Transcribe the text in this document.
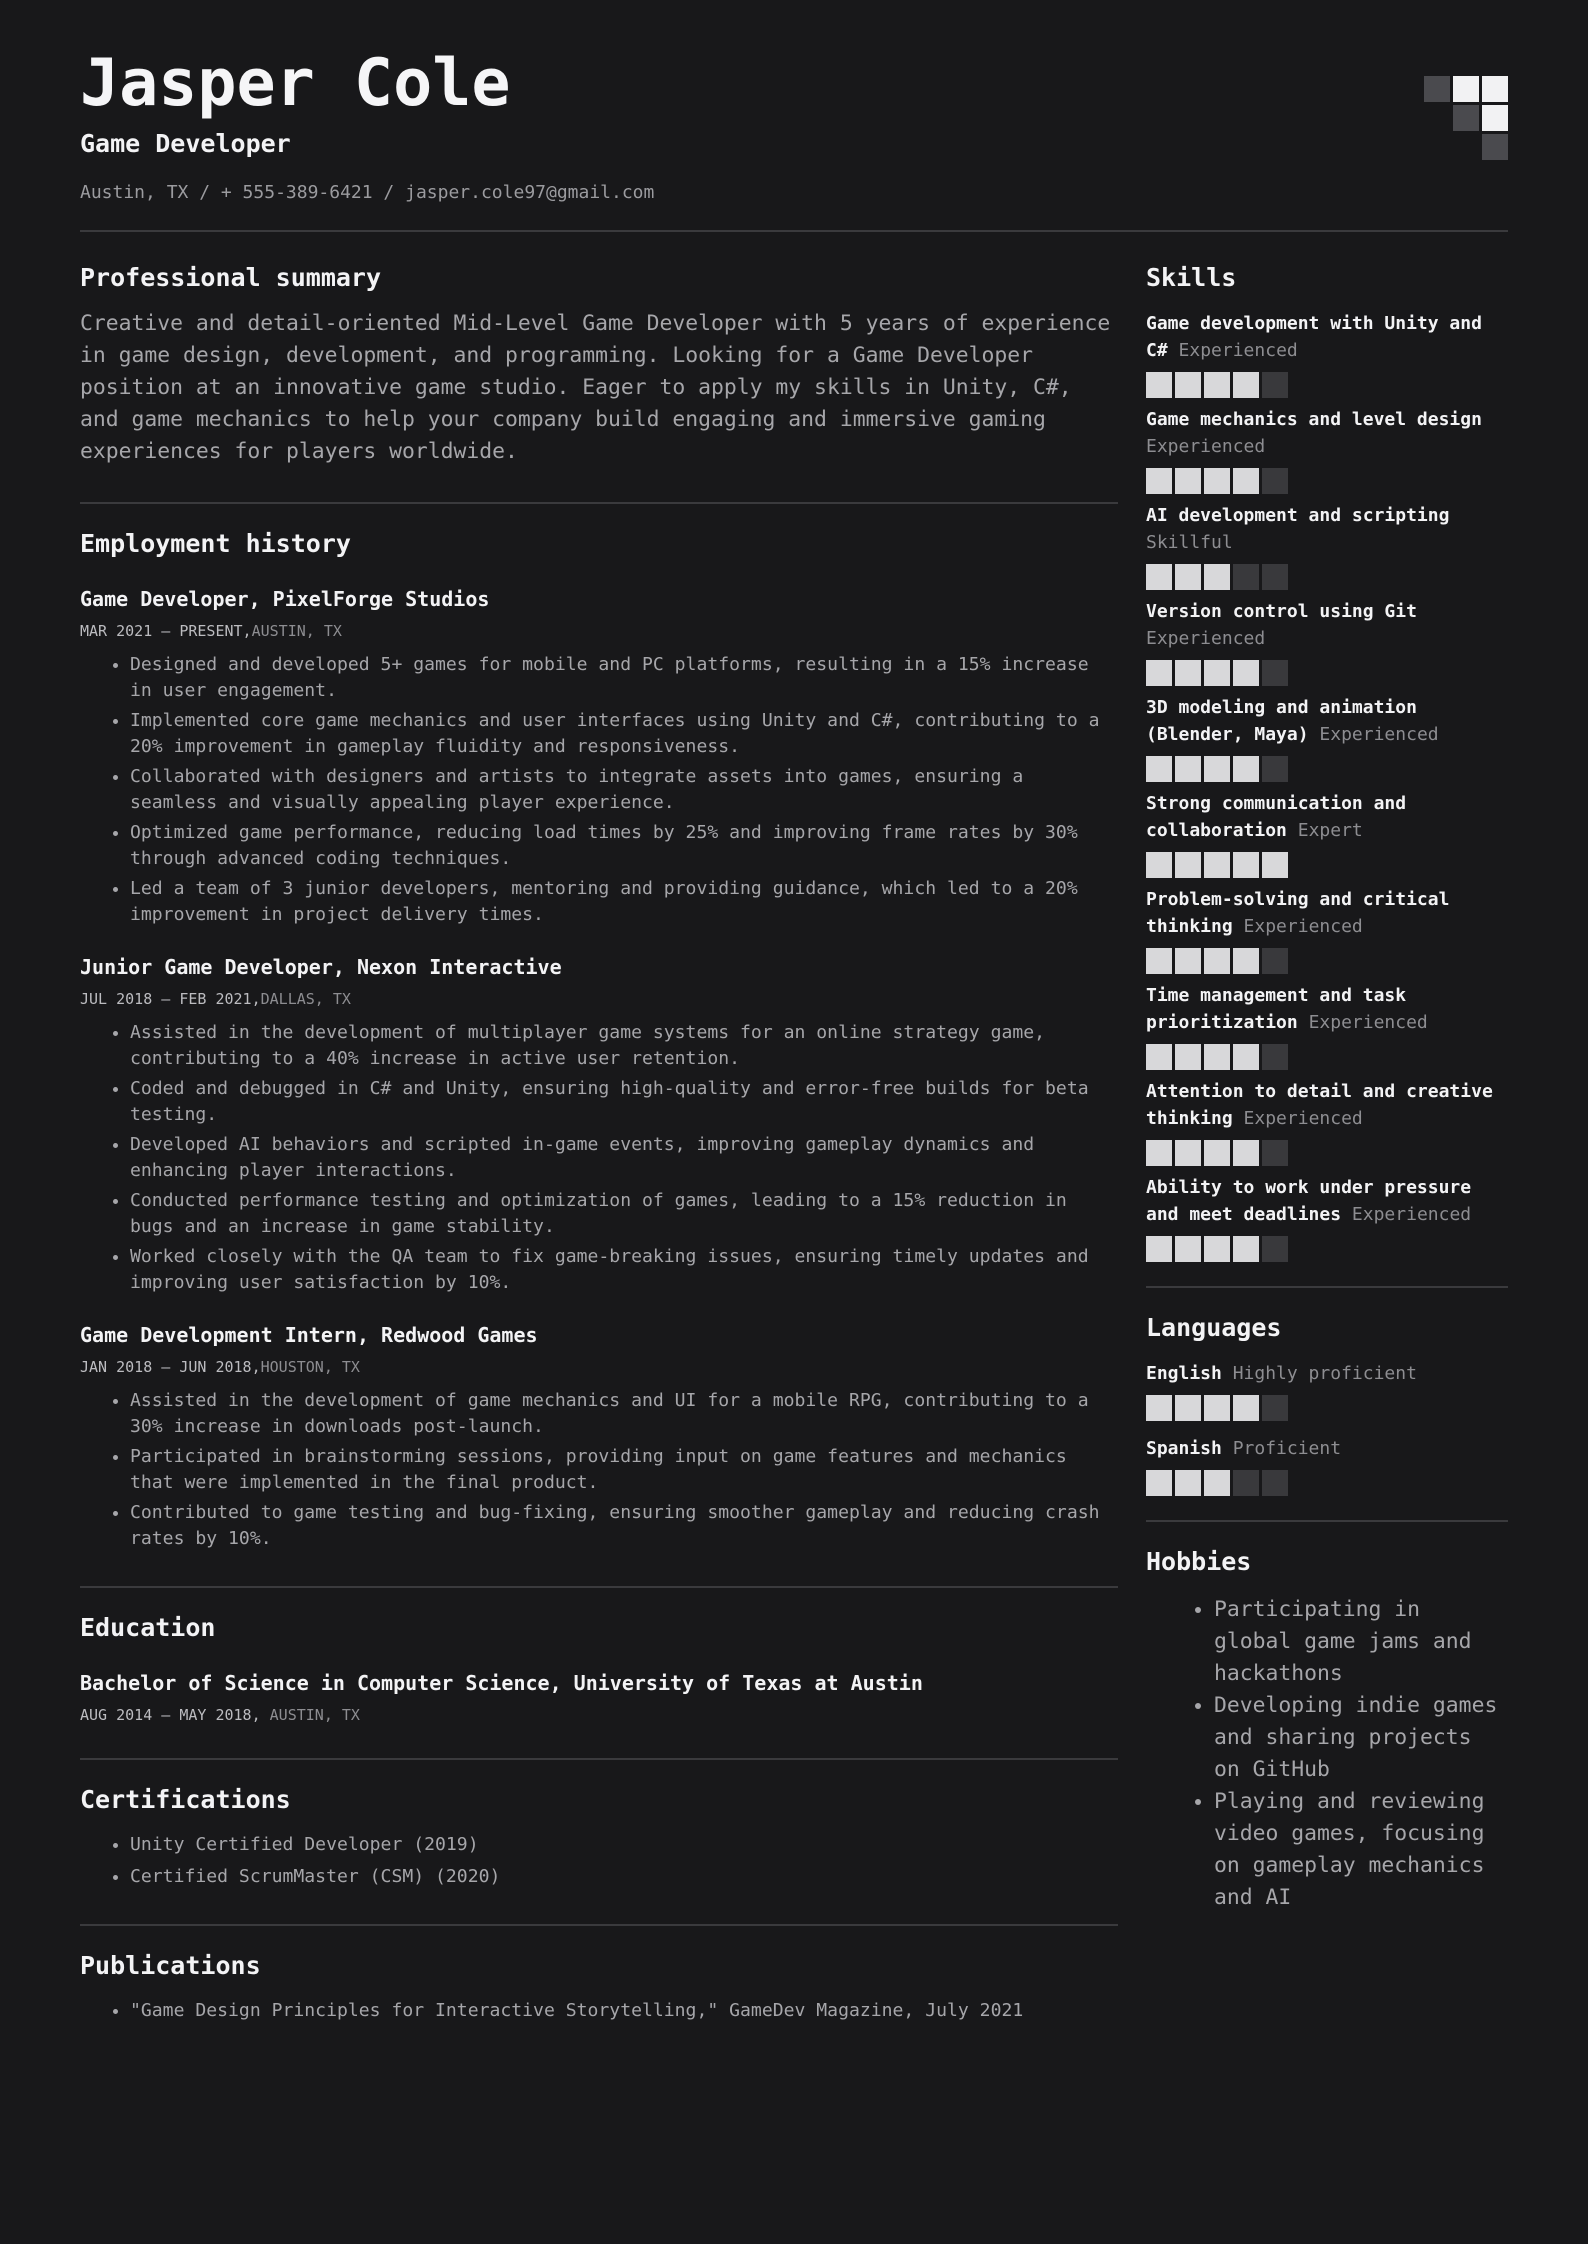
Jasper Cole
Game Developer
Austin, TX / + 555-389-6421 / jasper.cole97@gmail.com
Professional summary

Creative and detail-oriented Mid-Level Game Developer with 5 years of experience in game design, development, and programming. Looking for a Game Developer position at an innovative game studio. Eager to apply my skills in Unity, C#, and game mechanics to help your company build engaging and immersive gaming experiences for players worldwide.

Employment history
Game Developer, PixelForge Studios
MAR 2021 – PRESENT,AUSTIN, TX
• Designed and developed 5+ games for mobile and PC platforms, resulting in a 15% increase in user engagement.
• Implemented core game mechanics and user interfaces using Unity and C#, contributing to a 20% improvement in gameplay fluidity and responsiveness.
• Collaborated with designers and artists to integrate assets into games, ensuring a seamless and visually appealing player experience.
• Optimized game performance, reducing load times by 25% and improving frame rates by 30% through advanced coding techniques.
• Led a team of 3 junior developers, mentoring and providing guidance, which led to a 20% improvement in project delivery times.
Junior Game Developer, Nexon Interactive
JUL 2018 – FEB 2021,DALLAS, TX
• Assisted in the development of multiplayer game systems for an online strategy game, contributing to a 40% increase in active user retention.
• Coded and debugged in C# and Unity, ensuring high-quality and error-free builds for beta testing.
• Developed AI behaviors and scripted in-game events, improving gameplay dynamics and enhancing player interactions.
• Conducted performance testing and optimization of games, leading to a 15% reduction in bugs and an increase in game stability.
• Worked closely with the QA team to fix game-breaking issues, ensuring timely updates and improving user satisfaction by 10%.
Game Development Intern, Redwood Games
JAN 2018 – JUN 2018,HOUSTON, TX
• Assisted in the development of game mechanics and UI for a mobile RPG, contributing to a 30% increase in downloads post-launch.
• Participated in brainstorming sessions, providing input on game features and mechanics that were implemented in the final product.
• Contributed to game testing and bug-fixing, ensuring smoother gameplay and reducing crash rates by 10%.
Education
Bachelor of Science in Computer Science, University of Texas at Austin
AUG 2014 – MAY 2018, AUSTIN, TX
Certifications
• Unity Certified Developer (2019)
• Certified ScrumMaster (CSM) (2020)
Publications
• "Game Design Principles for Interactive Storytelling," GameDev Magazine, July 2021
Skills
Game development with Unity and C# Experienced
Game mechanics and level design Experienced
AI development and scripting Skillful
Version control using Git Experienced
3D modeling and animation (Blender, Maya) Experienced
Strong communication and collaboration Expert
Problem-solving and critical thinking Experienced
Time management and task prioritization Experienced
Attention to detail and creative thinking Experienced
Ability to work under pressure and meet deadlines Experienced
Languages
English Highly proficient
Spanish Proficient
Hobbies
• Participating in global game jams and hackathons
• Developing indie games and sharing projects on GitHub
• Playing and reviewing video games, focusing on gameplay mechanics and AI
